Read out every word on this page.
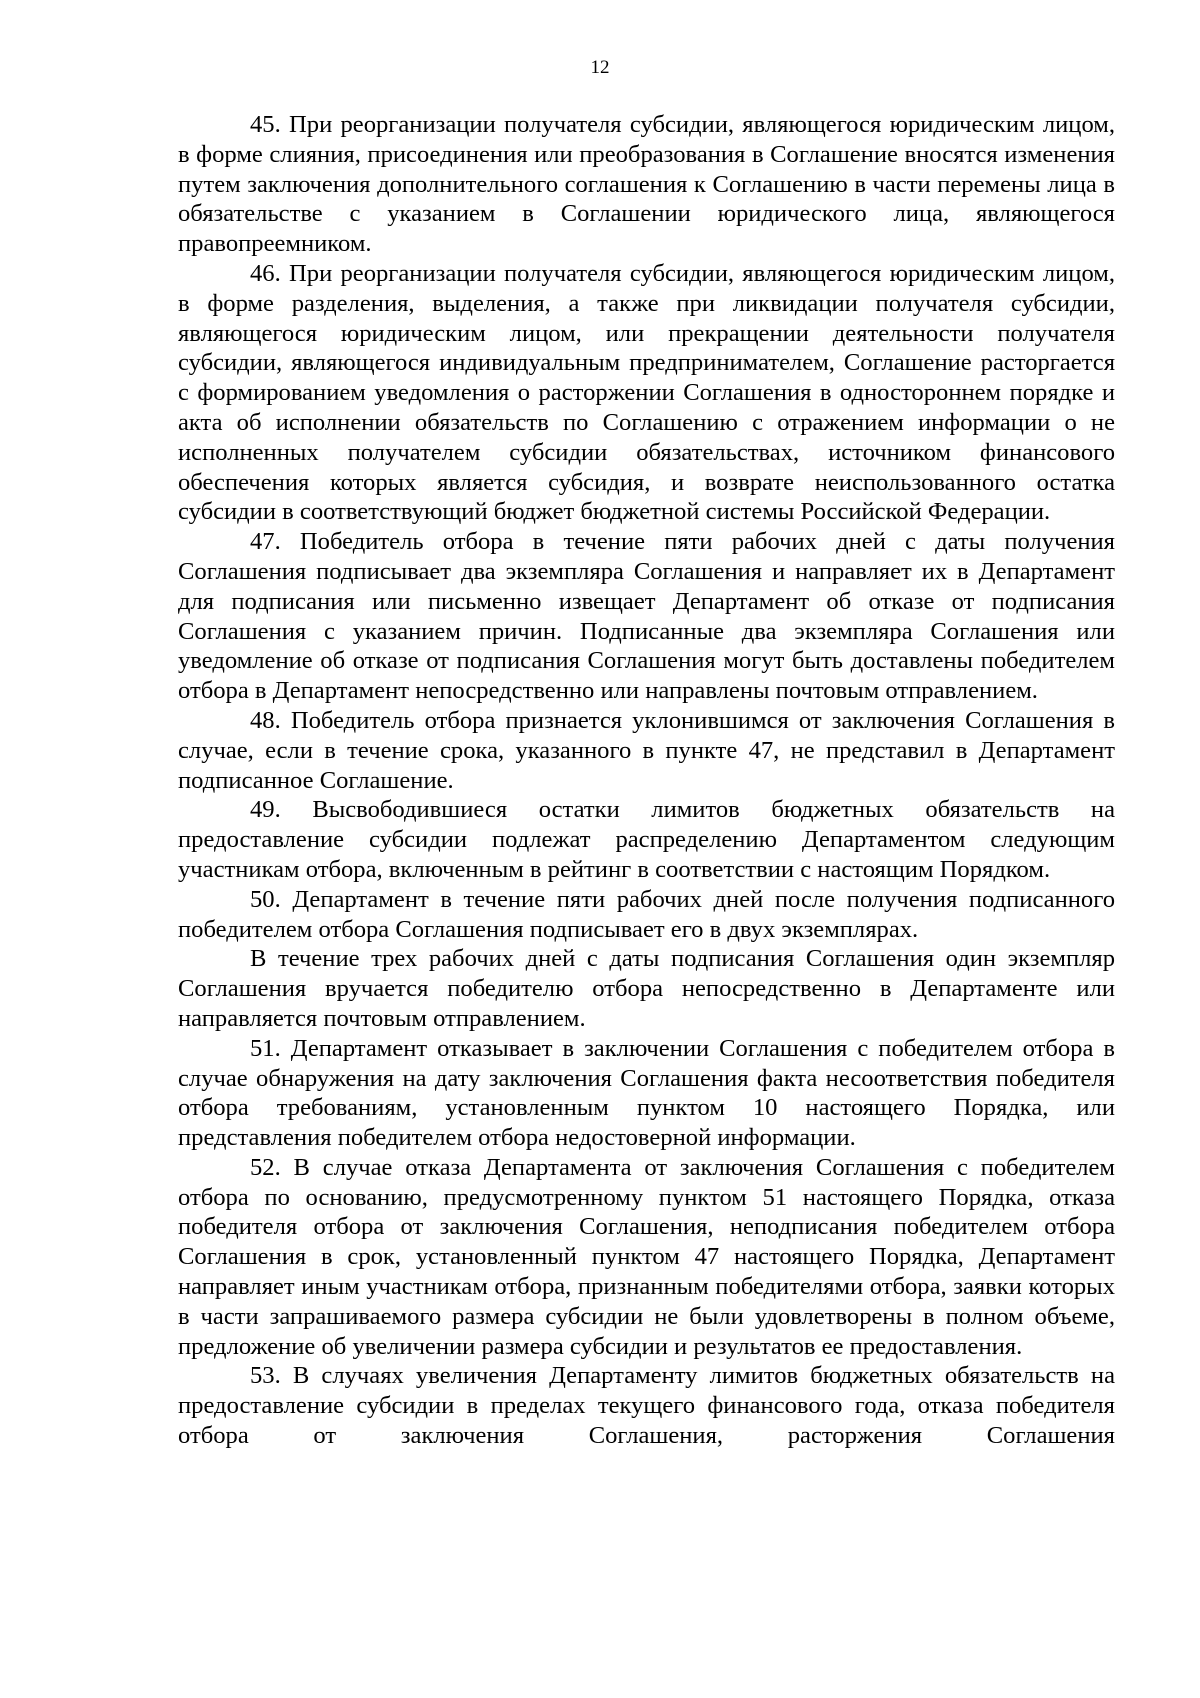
12

45. При реорганизации получателя субсидии, являющегося юридическим лицом, в форме слияния, присоединения или преобразования в Соглашение вносятся изменения путем заключения дополнительного соглашения к Соглашению в части перемены лица в обязательстве с указанием в Соглашении юридического лица, являющегося правопреемником.

46. При реорганизации получателя субсидии, являющегося юридическим лицом, в форме разделения, выделения, а также при ликвидации получателя субсидии, являющегося юридическим лицом, или прекращении деятельности получателя субсидии, являющегося индивидуальным предпринимателем, Соглашение расторгается с формированием уведомления о расторжении Соглашения в одностороннем порядке и акта об исполнении обязательств по Соглашению с отражением информации о не исполненных получателем субсидии обязательствах, источником финансового обеспечения которых является субсидия, и возврате неиспользованного остатка субсидии в соответствующий бюджет бюджетной системы Российской Федерации.

47. Победитель отбора в течение пяти рабочих дней с даты получения Соглашения подписывает два экземпляра Соглашения и направляет их в Департамент для подписания или письменно извещает Департамент об отказе от подписания Соглашения с указанием причин. Подписанные два экземпляра Соглашения или уведомление об отказе от подписания Соглашения могут быть доставлены победителем отбора в Департамент непосредственно или направлены почтовым отправлением.

48. Победитель отбора признается уклонившимся от заключения Соглашения в случае, если в течение срока, указанного в пункте 47, не представил в Департамент подписанное Соглашение.

49. Высвободившиеся остатки лимитов бюджетных обязательств на предоставление субсидии подлежат распределению Департаментом следующим участникам отбора, включенным в рейтинг в соответствии с настоящим Порядком.

50. Департамент в течение пяти рабочих дней после получения подписанного победителем отбора Соглашения подписывает его в двух экземплярах.

В течение трех рабочих дней с даты подписания Соглашения один экземпляр Соглашения вручается победителю отбора непосредственно в Департаменте или направляется почтовым отправлением.

51. Департамент отказывает в заключении Соглашения с победителем отбора в случае обнаружения на дату заключения Соглашения факта несоответствия победителя отбора требованиям, установленным пунктом 10 настоящего Порядка, или представления победителем отбора недостоверной информации.

52. В случае отказа Департамента от заключения Соглашения с победителем отбора по основанию, предусмотренному пунктом 51 настоящего Порядка, отказа победителя отбора от заключения Соглашения, неподписания победителем отбора Соглашения в срок, установленный пунктом 47 настоящего Порядка, Департамент направляет иным участникам отбора, признанным победителями отбора, заявки которых в части запрашиваемого размера субсидии не были удовлетворены в полном объеме, предложение об увеличении размера субсидии и результатов ее предоставления.

53. В случаях увеличения Департаменту лимитов бюджетных обязательств на предоставление субсидии в пределах текущего финансового года, отказа победителя отбора от заключения Соглашения, расторжения Соглашения
